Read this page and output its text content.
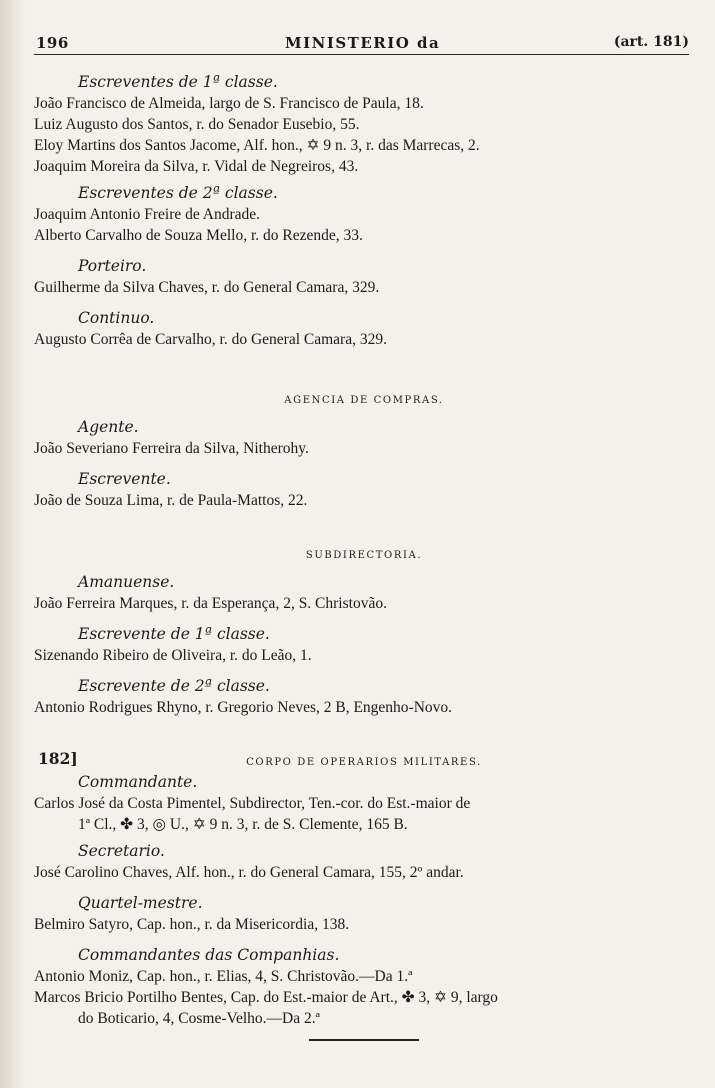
196	MINISTERIO da	(art. 181)
Escreventes de 1ª classe.
João Francisco de Almeida, largo de S. Francisco de Paula, 18.
Luiz Augusto dos Santos, r. do Senador Eusebio, 55.
Eloy Martins dos Santos Jacome, Alf. hon., ✡ 9 n. 3, r. das Marrecas, 2.
Joaquim Moreira da Silva, r. Vidal de Negreiros, 43.
Escreventes de 2ª classe.
Joaquim Antonio Freire de Andrade.
Alberto Carvalho de Souza Mello, r. do Rezende, 33.
Porteiro.
Guilherme da Silva Chaves, r. do General Camara, 329.
Continuo.
Augusto Corrêa de Carvalho, r. do General Camara, 329.
AGENCIA DE COMPRAS.
Agente.
João Severiano Ferreira da Silva, Nitherohy.
Escrevente.
João de Souza Lima, r. de Paula-Mattos, 22.
SUBDIRECTORIA.
Amanuense.
João Ferreira Marques, r. da Esperança, 2, S. Christovão.
Escrevente de 1ª classe.
Sizenando Ribeiro de Oliveira, r. do Leão, 1.
Escrevente de 2ª classe.
Antonio Rodrigues Rhyno, r. Gregorio Neves, 2 B, Engenho-Novo.
182]	CORPO DE OPERARIOS MILITARES.
Commandante.
Carlos José da Costa Pimentel, Subdirector, Ten.-cor. do Est.-maior de
1ª Cl., ✤ 3, ◎ U., ✡ 9 n. 3, r. de S. Clemente, 165 B.
Secretario.
José Carolino Chaves, Alf. hon., r. do General Camara, 155, 2º andar.
Quartel-mestre.
Belmiro Satyro, Cap. hon., r. da Misericordia, 138.
Commandantes das Companhias.
Antonio Moniz, Cap. hon., r. Elias, 4, S. Christovão.—Da 1.ª
Marcos Bricio Portilho Bentes, Cap. do Est.-maior de Art., ✤ 3, ✡ 9, largo
do Boticario, 4, Cosme-Velho.—Da 2.ª
